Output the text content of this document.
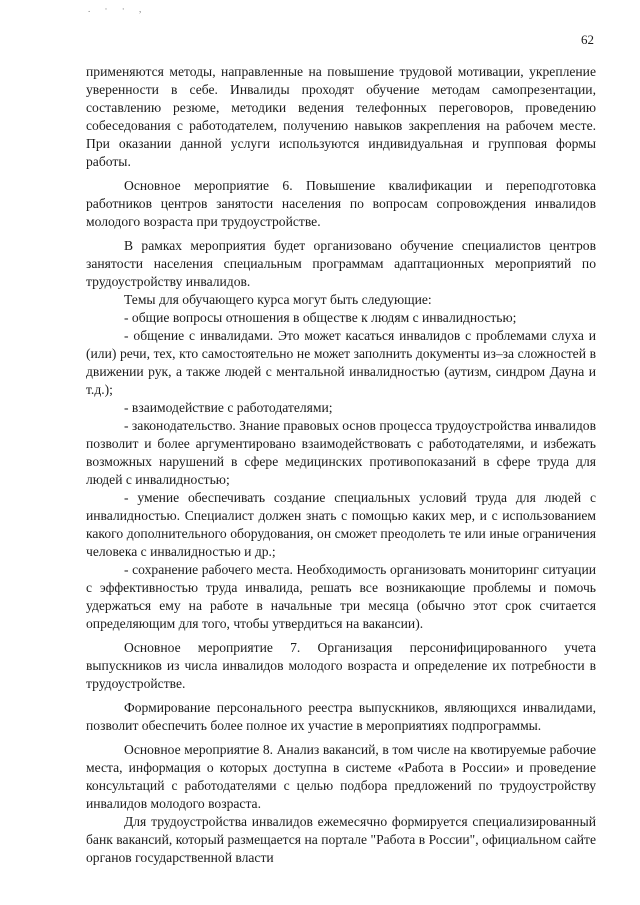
. · · ,
62

применяются методы, направленные на повышение трудовой мотивации, укрепление уверенности в себе. Инвалиды проходят обучение методам самопрезентации, составлению резюме, методики ведения телефонных переговоров, проведению собеседования с работодателем, получению навыков закрепления на рабочем месте. При оказании данной услуги используются индивидуальная и групповая формы работы.

Основное мероприятие 6. Повышение квалификации и переподготовка работников центров занятости населения по вопросам сопровождения инвалидов молодого возраста при трудоустройстве.

В рамках мероприятия будет организовано обучение специалистов центров занятости населения специальным программам адаптационных мероприятий по трудоустройству инвалидов.

Темы для обучающего курса могут быть следующие:

- общие вопросы отношения в обществе к людям с инвалидностью;

- общение с инвалидами. Это может касаться инвалидов с проблемами слуха и (или) речи, тех, кто самостоятельно не может заполнить документы из–за сложностей в движении рук, а также людей с ментальной инвалидностью (аутизм, синдром Дауна и т.д.);

- взаимодействие с работодателями;

- законодательство. Знание правовых основ процесса трудоустройства инвалидов позволит и более аргументировано взаимодействовать с работодателями, и избежать возможных нарушений в сфере медицинских противопоказаний в сфере труда для людей с инвалидностью;

- умение обеспечивать создание специальных условий труда для людей с инвалидностью. Специалист должен знать с помощью каких мер, и с использованием какого дополнительного оборудования, он сможет преодолеть те или иные ограничения человека с инвалидностью и др.;

- сохранение рабочего места. Необходимость организовать мониторинг ситуации с эффективностью труда инвалида, решать все возникающие проблемы и помочь удержаться ему на работе в начальные три месяца (обычно этот срок считается определяющим для того, чтобы утвердиться на вакансии).

Основное мероприятие 7. Организация персонифицированного учета выпускников из числа инвалидов молодого возраста и определение их потребности в трудоустройстве.

Формирование персонального реестра выпускников, являющихся инвалидами, позволит обеспечить более полное их участие в мероприятиях подпрограммы.

Основное мероприятие 8. Анализ вакансий, в том числе на квотируемые рабочие места, информация о которых доступна в системе «Работа в России» и проведение консультаций с работодателями с целью подбора предложений по трудоустройству инвалидов молодого возраста.

Для трудоустройства инвалидов ежемесячно формируется специализированный банк вакансий, который размещается на портале "Работа в России", официальном сайте органов государственной власти
